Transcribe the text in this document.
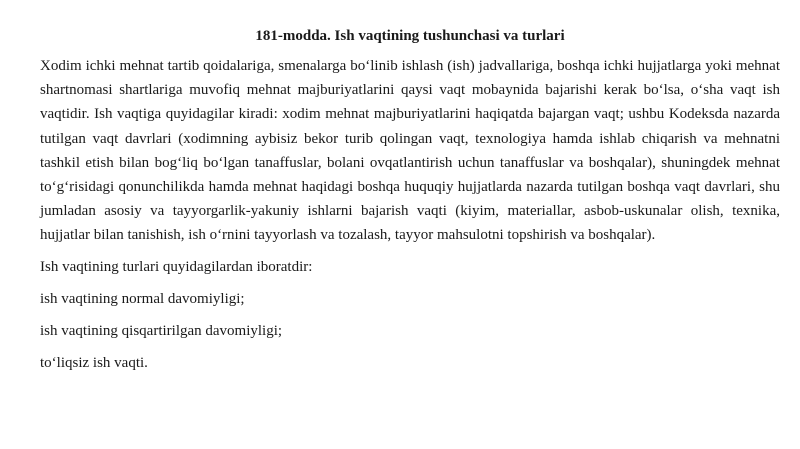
181-modda. Ish vaqtining tushunchasi va turlari

Xodim ichki mehnat tartib qoidalariga, smenalarga boʻlinib ishlash (ish) jadvallariga, boshqa ichki hujjatlarga yoki mehnat shartnomasi shartlariga muvofiq mehnat majburiyatlarini qaysi vaqt mobaynida bajarishi kerak boʻlsa, oʻsha vaqt ish vaqtidir. Ish vaqtiga quyidagilar kiradi: xodim mehnat majburiyatlarini haqiqatda bajargan vaqt; ushbu Kodeksda nazarda tutilgan vaqt davrlari (xodimning aybisiz bekor turib qolingan vaqt, texnologiya hamda ishlab chiqarish va mehnatni tashkil etish bilan bogʻliq boʻlgan tanaffuslar, bolani ovqatlantirish uchun tanaffuslar va boshqalar), shuningdek mehnat toʻgʻrisidagi qonunchilikda hamda mehnat haqidagi boshqa huquqiy hujjatlarda nazarda tutilgan boshqa vaqt davrlari, shu jumladan asosiy va tayyorgarlik-yakuniy ishlarni bajarish vaqti (kiyim, materiallar, asbob-uskunalar olish, texnika, hujjatlar bilan tanishish, ish oʻrnini tayyorlash va tozalash, tayyor mahsulotni topshirish va boshqalar).

Ish vaqtining turlari quyidagilardan iboratdir:
ish vaqtining normal davomiyligi;
ish vaqtining qisqartirilgan davomiyligi;
toʻliqsiz ish vaqti.
